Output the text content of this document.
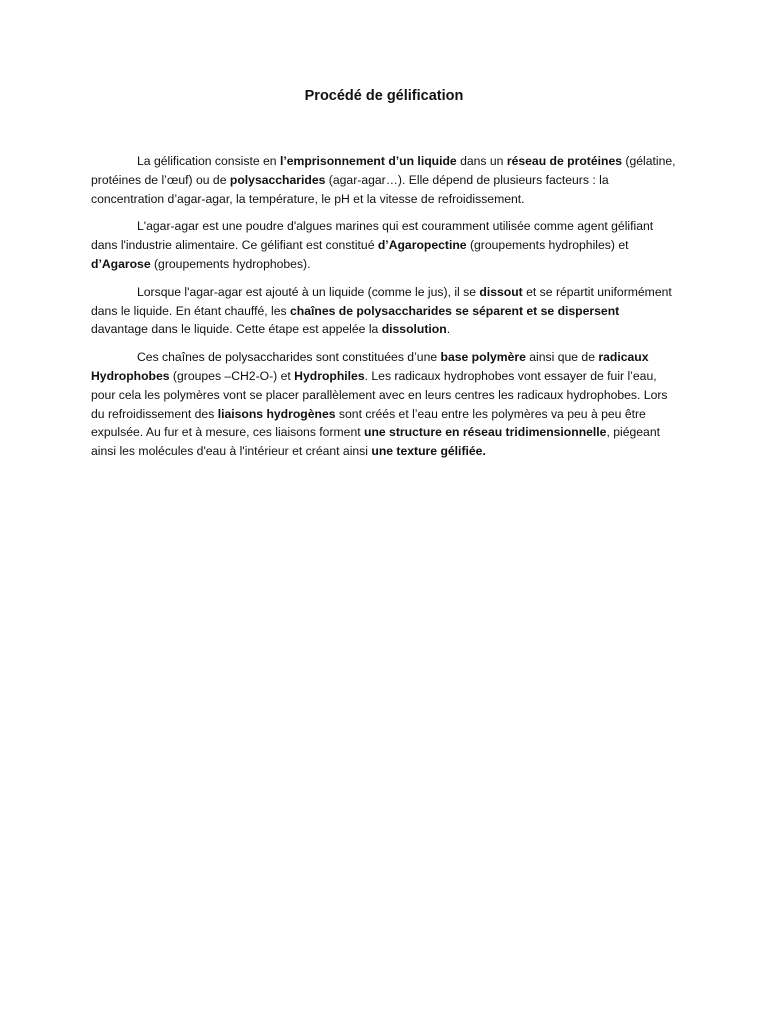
Procédé de gélification

La gélification consiste en l’emprisonnement d’un liquide dans un réseau de protéines (gélatine, protéines de l’œuf) ou de polysaccharides (agar-agar…). Elle dépend de plusieurs facteurs : la concentration d’agar-agar, la température, le pH et la vitesse de refroidissement.

L'agar-agar est une poudre d'algues marines qui est couramment utilisée comme agent gélifiant dans l'industrie alimentaire. Ce gélifiant est constitué d’Agaropectine (groupements hydrophiles) et d’Agarose (groupements hydrophobes).

Lorsque l'agar-agar est ajouté à un liquide (comme le jus), il se dissout et se répartit uniformément dans le liquide. En étant chauffé, les chaînes de polysaccharides se séparent et se dispersent davantage dans le liquide. Cette étape est appelée la dissolution.

Ces chaînes de polysaccharides sont constituées d’une base polymère ainsi que de radicaux Hydrophobes (groupes –CH2-O-) et Hydrophiles. Les radicaux hydrophobes vont essayer de fuir l’eau, pour cela les polymères vont se placer parallèlement avec en leurs centres les radicaux hydrophobes. Lors du refroidissement des liaisons hydrogènes sont créés et l’eau entre les polymères va peu à peu être expulsée. Au fur et à mesure, ces liaisons forment une structure en réseau tridimensionnelle, piégeant ainsi les molécules d'eau à l'intérieur et créant ainsi une texture gélifiée.
